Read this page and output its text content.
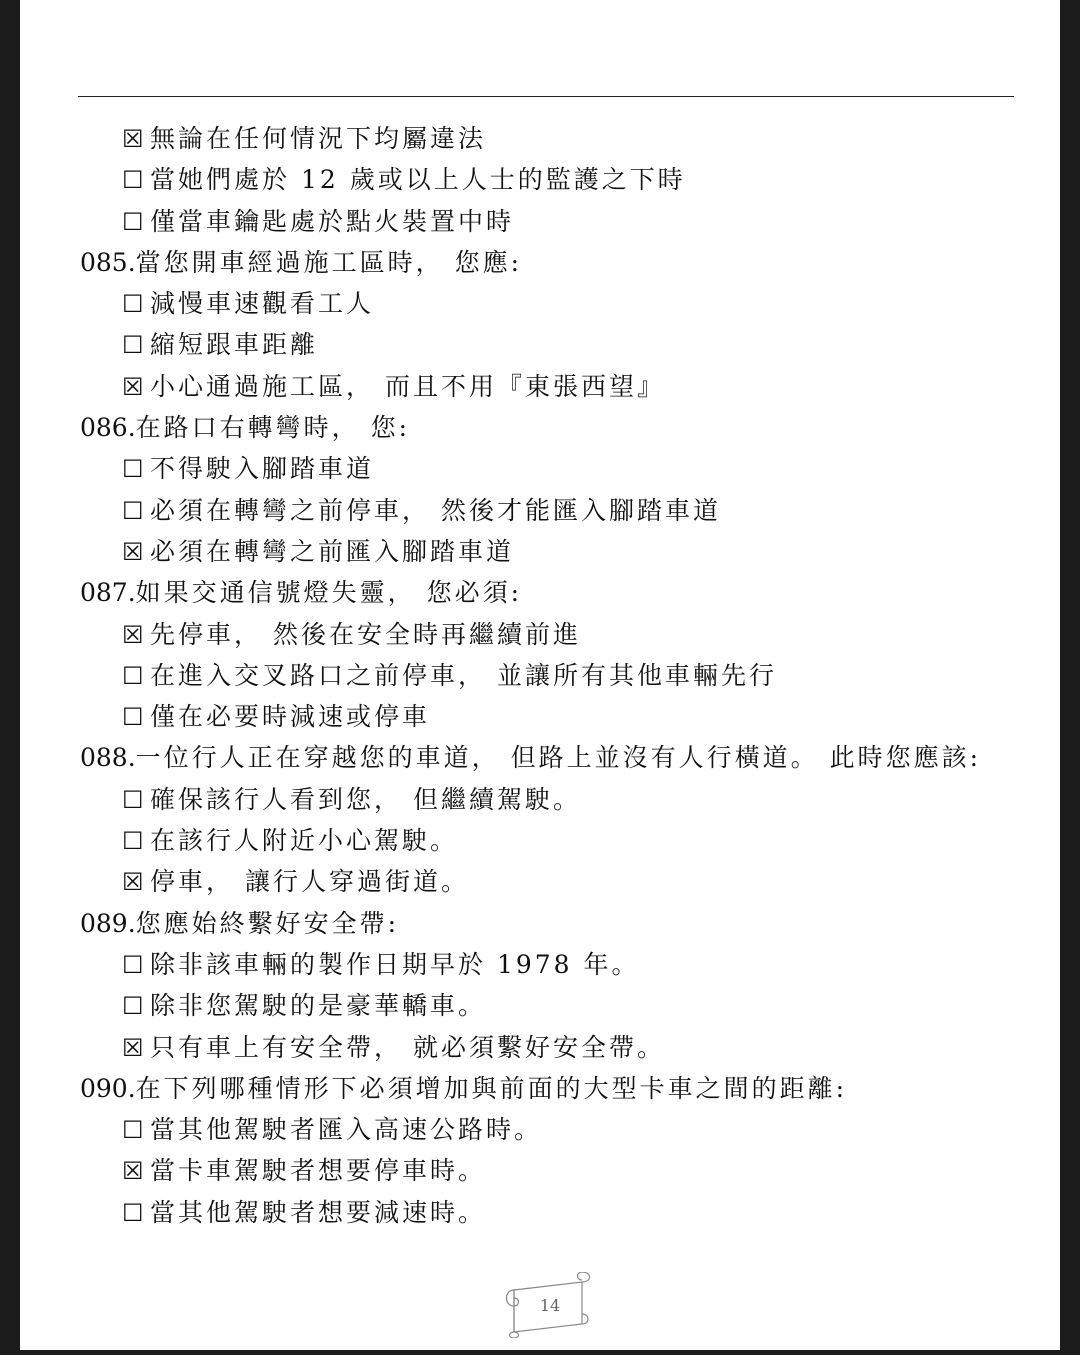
☒ 無論在任何情況下均屬違法
☐ 當她們處於 12 歲或以上人士的監護之下時
☐ 僅當車鑰匙處於點火裝置中時
085.當您開車經過施工區時， 您應:
☐ 減慢車速觀看工人
☐ 縮短跟車距離
☒ 小心通過施工區， 而且不用『東張西望』
086.在路口右轉彎時， 您:
☐ 不得駛入腳踏車道
☐ 必須在轉彎之前停車， 然後才能匯入腳踏車道
☒ 必須在轉彎之前匯入腳踏車道
087.如果交通信號燈失靈， 您必須:
☒ 先停車， 然後在安全時再繼續前進
☐ 在進入交叉路口之前停車， 並讓所有其他車輛先行
☐ 僅在必要時減速或停車
088.一位行人正在穿越您的車道， 但路上並沒有人行橫道。 此時您應該:
☐ 確保該行人看到您， 但繼續駕駛。
☐ 在該行人附近小心駕駛。
☒ 停車， 讓行人穿過街道。
089.您應始終繫好安全帶:
☐ 除非該車輛的製作日期早於 1978 年。
☐ 除非您駕駛的是豪華轎車。
☒ 只有車上有安全帶， 就必須繫好安全帶。
090.在下列哪種情形下必須增加與前面的大型卡車之間的距離:
☐ 當其他駕駛者匯入高速公路時。
☒ 當卡車駕駛者想要停車時。
☐ 當其他駕駛者想要減速時。
14
